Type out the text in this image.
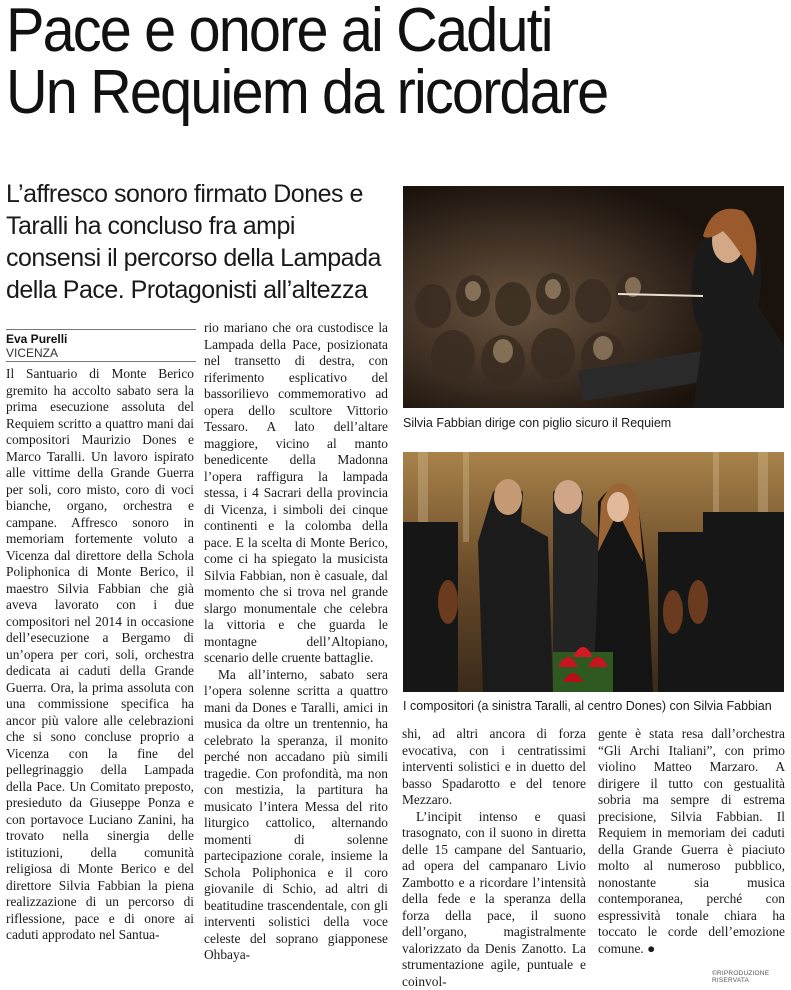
Pace e onore ai Caduti
Un Requiem da ricordare
L’affresco sonoro firmato Dones e
Taralli ha concluso fra ampi
consensi il percorso della Lampada
della Pace. Protagonisti all’altezza
Eva Purelli
VICENZA

Il Santuario di Monte Berico gremito ha accolto sabato sera la prima esecuzione assoluta del Requiem scritto a quattro mani dai compositori Maurizio Dones e Marco Taralli. Un lavoro ispirato alle vittime della Grande Guerra per soli, coro misto, coro di voci bianche, organo, orchestra e campane. Affresco sonoro in memoriam fortemente voluto a Vicenza dal direttore della Schola Poliphonica di Monte Berico, il maestro Silvia Fabbian che già aveva lavorato con i due compositori nel 2014 in occasione dell’esecuzione a Bergamo di un’opera per cori, soli, orchestra dedicata ai caduti della Grande Guerra. Ora, la prima assoluta con una commissione specifica ha ancor più valore alle celebrazioni che si sono concluse proprio a Vicenza con la fine del pellegrinaggio della Lampada della Pace. Un Comitato preposto, presieduto da Giuseppe Ponza e con portavoce Luciano Zanini, ha trovato nella sinergia delle istituzioni, della comunità religiosa di Monte Berico e del direttore Silvia Fabbian la piena realizzazione di un percorso di riflessione, pace e di onore ai caduti approdato nel Santua-

rio mariano che ora custodisce la Lampada della Pace, posizionata nel transetto di destra, con riferimento esplicativo del bassorilievo commemorativo ad opera dello scultore Vittorio Tessaro. A lato dell’altare maggiore, vicino al manto benedicente della Madonna l’opera raffigura la lampada stessa, i 4 Sacrari della provincia di Vicenza, i simboli dei cinque continenti e la colomba della pace. E la scelta di Monte Berico, come ci ha spiegato la musicista Silvia Fabbian, non è casuale, dal momento che si trova nel grande slargo monumentale che celebra la vittoria e che guarda le montagne dell’Altopiano, scenario delle cruente battaglie.

Ma all’interno, sabato sera l’opera solenne scritta a quattro mani da Dones e Taralli, amici in musica da oltre un trentennio, ha celebrato la speranza, il monito perché non accadano più simili tragedie. Con profondità, ma non con mestizia, la partitura ha musicato l’intera Messa del rito liturgico cattolico, alternando momenti di solenne partecipazione corale, insieme la Schola Poliphonica e il coro giovanile di Schio, ad altri di beatitudine trascendentale, con gli interventi solistici della voce celeste del soprano giapponese Ohbaya-

Silvia Fabbian dirige con piglio sicuro il Requiem
I compositori (a sinistra Taralli, al centro Dones) con Silvia Fabbian

shi, ad altri ancora di forza evocativa, con i centratissimi interventi solistici e in duetto del basso Spadarotto e del tenore Mezzaro.

L’incipit intenso e quasi trasognato, con il suono in diretta delle 15 campane del Santuario, ad opera del campanaro Livio Zambotto e a ricordare l’intensità della fede e la speranza della forza della pace, il suono dell’organo, magistralmente valorizzato da Denis Zanotto. La strumentazione agile, puntuale e coinvol-

gente è stata resa dall’orchestra “Gli Archi Italiani”, con primo violino Matteo Marzaro. A dirigere il tutto con gestualità sobria ma sempre di estrema precisione, Silvia Fabbian. Il Requiem in memoriam dei caduti della Grande Guerra è piaciuto molto al numeroso pubblico, nonostante sia musica contemporanea, perché con espressività tonale chiara ha toccato le corde dell’emozione comune. ●

©RIPRODUZIONE RISERVATA
